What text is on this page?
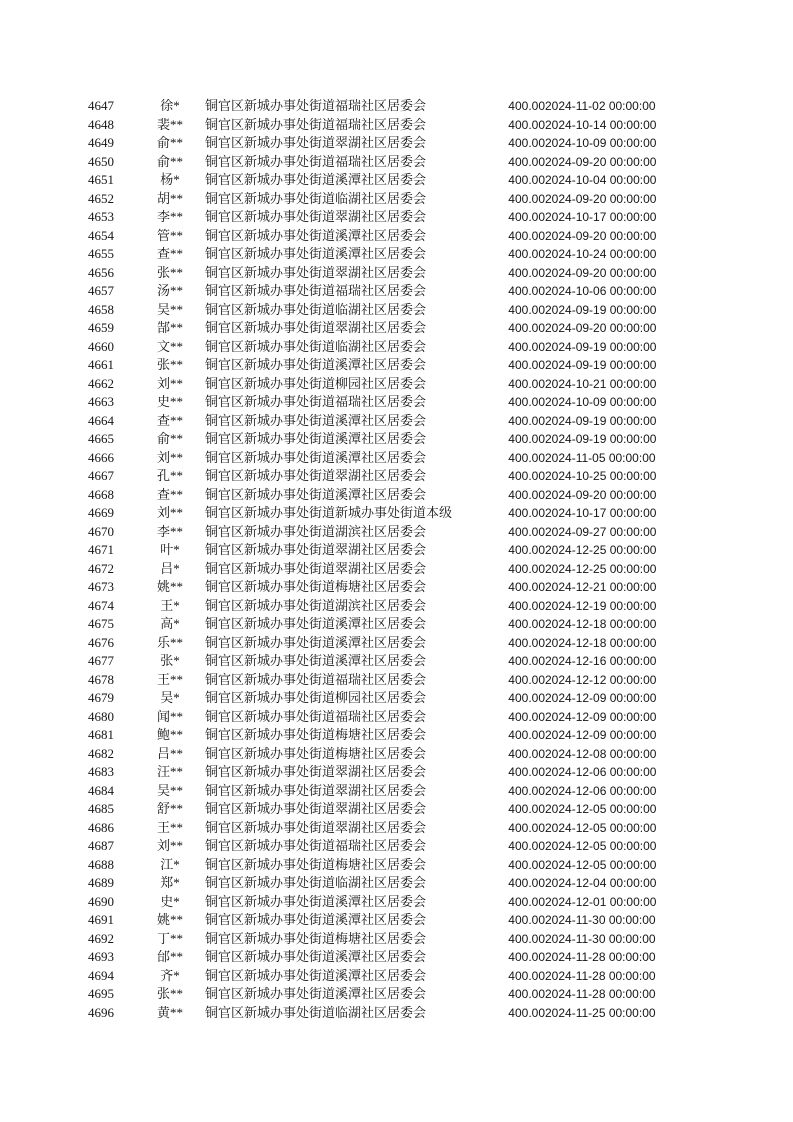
4647	徐*	铜官区新城办事处街道福瑞社区居委会	400.00	2024-11-02 00:00:00
4648	裴**	铜官区新城办事处街道福瑞社区居委会	400.00	2024-10-14 00:00:00
4649	俞**	铜官区新城办事处街道翠湖社区居委会	400.00	2024-10-09 00:00:00
4650	俞**	铜官区新城办事处街道福瑞社区居委会	400.00	2024-09-20 00:00:00
4651	杨*	铜官区新城办事处街道溪潭社区居委会	400.00	2024-10-04 00:00:00
4652	胡**	铜官区新城办事处街道临湖社区居委会	400.00	2024-09-20 00:00:00
4653	李**	铜官区新城办事处街道翠湖社区居委会	400.00	2024-10-17 00:00:00
4654	管**	铜官区新城办事处街道溪潭社区居委会	400.00	2024-09-20 00:00:00
4655	查**	铜官区新城办事处街道溪潭社区居委会	400.00	2024-10-24 00:00:00
4656	张**	铜官区新城办事处街道翠湖社区居委会	400.00	2024-09-20 00:00:00
4657	汤**	铜官区新城办事处街道福瑞社区居委会	400.00	2024-10-06 00:00:00
4658	吴**	铜官区新城办事处街道临湖社区居委会	400.00	2024-09-19 00:00:00
4659	郜**	铜官区新城办事处街道翠湖社区居委会	400.00	2024-09-20 00:00:00
4660	文**	铜官区新城办事处街道临湖社区居委会	400.00	2024-09-19 00:00:00
4661	张**	铜官区新城办事处街道溪潭社区居委会	400.00	2024-09-19 00:00:00
4662	刘**	铜官区新城办事处街道柳园社区居委会	400.00	2024-10-21 00:00:00
4663	史**	铜官区新城办事处街道福瑞社区居委会	400.00	2024-10-09 00:00:00
4664	查**	铜官区新城办事处街道溪潭社区居委会	400.00	2024-09-19 00:00:00
4665	俞**	铜官区新城办事处街道溪潭社区居委会	400.00	2024-09-19 00:00:00
4666	刘**	铜官区新城办事处街道溪潭社区居委会	400.00	2024-11-05 00:00:00
4667	孔**	铜官区新城办事处街道翠湖社区居委会	400.00	2024-10-25 00:00:00
4668	查**	铜官区新城办事处街道溪潭社区居委会	400.00	2024-09-20 00:00:00
4669	刘**	铜官区新城办事处街道新城办事处街道本级	400.00	2024-10-17 00:00:00
4670	李**	铜官区新城办事处街道湖滨社区居委会	400.00	2024-09-27 00:00:00
4671	叶*	铜官区新城办事处街道翠湖社区居委会	400.00	2024-12-25 00:00:00
4672	吕*	铜官区新城办事处街道翠湖社区居委会	400.00	2024-12-25 00:00:00
4673	姚**	铜官区新城办事处街道梅塘社区居委会	400.00	2024-12-21 00:00:00
4674	王*	铜官区新城办事处街道湖滨社区居委会	400.00	2024-12-19 00:00:00
4675	高*	铜官区新城办事处街道溪潭社区居委会	400.00	2024-12-18 00:00:00
4676	乐**	铜官区新城办事处街道溪潭社区居委会	400.00	2024-12-18 00:00:00
4677	张*	铜官区新城办事处街道溪潭社区居委会	400.00	2024-12-16 00:00:00
4678	王**	铜官区新城办事处街道福瑞社区居委会	400.00	2024-12-12 00:00:00
4679	吴*	铜官区新城办事处街道柳园社区居委会	400.00	2024-12-09 00:00:00
4680	闻**	铜官区新城办事处街道福瑞社区居委会	400.00	2024-12-09 00:00:00
4681	鲍**	铜官区新城办事处街道梅塘社区居委会	400.00	2024-12-09 00:00:00
4682	吕**	铜官区新城办事处街道梅塘社区居委会	400.00	2024-12-08 00:00:00
4683	汪**	铜官区新城办事处街道翠湖社区居委会	400.00	2024-12-06 00:00:00
4684	吴**	铜官区新城办事处街道翠湖社区居委会	400.00	2024-12-06 00:00:00
4685	舒**	铜官区新城办事处街道翠湖社区居委会	400.00	2024-12-05 00:00:00
4686	王**	铜官区新城办事处街道翠湖社区居委会	400.00	2024-12-05 00:00:00
4687	刘**	铜官区新城办事处街道福瑞社区居委会	400.00	2024-12-05 00:00:00
4688	江*	铜官区新城办事处街道梅塘社区居委会	400.00	2024-12-05 00:00:00
4689	郑*	铜官区新城办事处街道临湖社区居委会	400.00	2024-12-04 00:00:00
4690	史*	铜官区新城办事处街道溪潭社区居委会	400.00	2024-12-01 00:00:00
4691	姚**	铜官区新城办事处街道溪潭社区居委会	400.00	2024-11-30 00:00:00
4692	丁**	铜官区新城办事处街道梅塘社区居委会	400.00	2024-11-30 00:00:00
4693	邰**	铜官区新城办事处街道溪潭社区居委会	400.00	2024-11-28 00:00:00
4694	齐*	铜官区新城办事处街道溪潭社区居委会	400.00	2024-11-28 00:00:00
4695	张**	铜官区新城办事处街道溪潭社区居委会	400.00	2024-11-28 00:00:00
4696	黄**	铜官区新城办事处街道临湖社区居委会	400.00	2024-11-25 00:00:00
